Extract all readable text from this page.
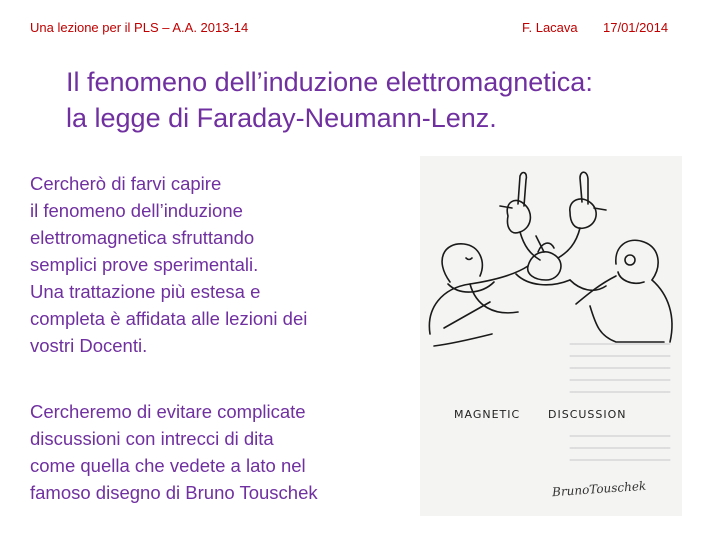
Una lezione per il PLS – A.A. 2013-14	F. Lacava 17/01/2014
Il fenomeno dell’induzione elettromagnetica:
la legge di Faraday-Neumann-Lenz.
Cercherò di farvi capire
il fenomeno dell’induzione
elettromagnetica sfruttando
semplici prove sperimentali.
Una trattazione più estesa e
completa è affidata alle lezioni dei
vostri Docenti.
Cercheremo di evitare complicate
discussioni con intrecci di dita
come quella che vedete a lato nel
famoso disegno di Bruno Touschek
MAGNETIC	DISCUSSION
BrunoTouschek
